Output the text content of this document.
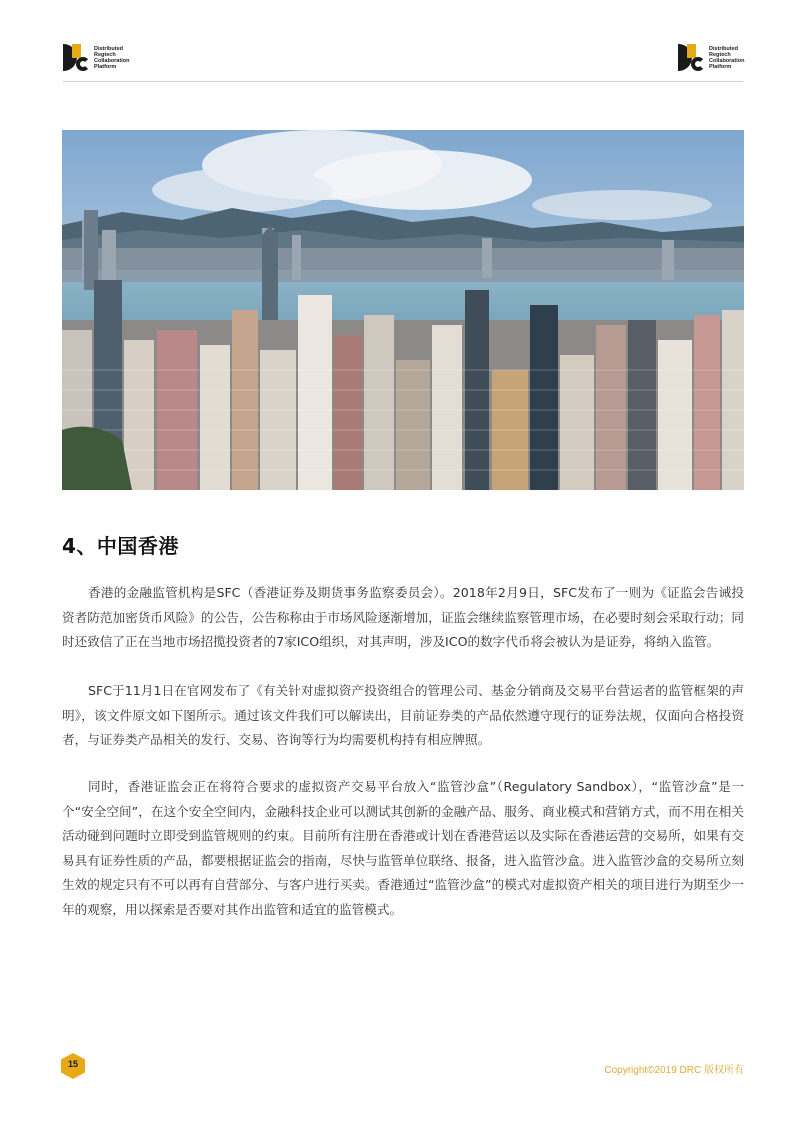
Distributed
Regtech
Collaboration
Platform
Distributed
Regtech
Collaboration
Platform
4、中国香港

香港的金融监管机构是SFC（香港证券及期货事务监察委员会）。2018年2月9日，SFC发布了一则为《证监会告诫投资者防范加密货币风险》的公告，公告称称由于市场风险逐渐增加，证监会继续监察管理市场，在必要时刻会采取行动；同时还致信了正在当地市场招揽投资者的7家ICO组织，对其声明，涉及ICO的数字代币将会被认为是证券，将纳入监管。

SFC于11月1日在官网发布了《有关针对虚拟资产投资组合的管理公司、基金分销商及交易平台营运者的监管框架的声明》，该文件原文如下图所示。通过该文件我们可以解读出，目前证券类的产品依然遵守现行的证券法规，仅面向合格投资者，与证券类产品相关的发行、交易、咨询等行为均需要机构持有相应牌照。

同时，香港证监会正在将符合要求的虚拟资产交易平台放入“监管沙盒”（Regulatory Sandbox），“监管沙盒”是一个“安全空间”，在这个安全空间内，金融科技企业可以测试其创新的金融产品、服务、商业模式和营销方式，而不用在相关活动碰到问题时立即受到监管规则的约束。目前所有注册在香港或计划在香港营运以及实际在香港运营的交易所，如果有交易具有证券性质的产品，都要根据证监会的指南，尽快与监管单位联络、报备，进入监管沙盒。进入监管沙盒的交易所立刻生效的规定只有不可以再有自营部分、与客户进行买卖。香港通过“监管沙盒”的模式对虚拟资产相关的项目进行为期至少一年的观察，用以探索是否要对其作出监管和适宜的监管模式。

15
Copyright©2019 DRC 版权所有
